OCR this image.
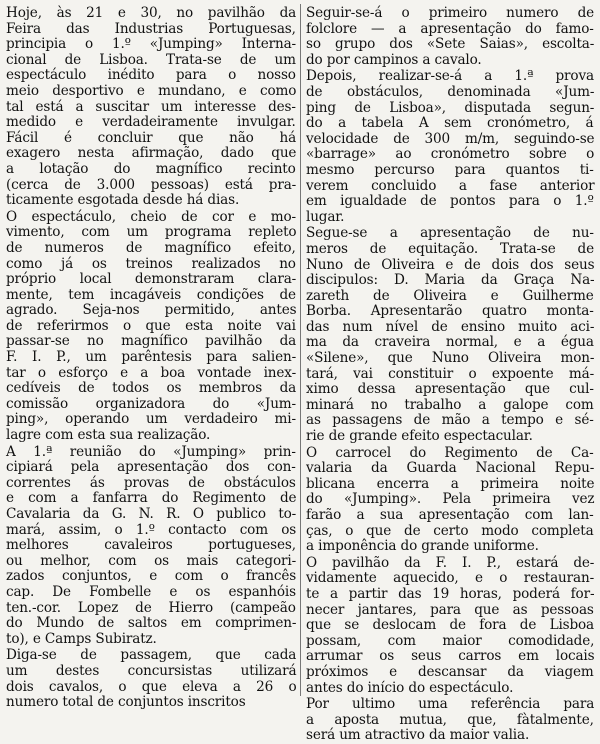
Hoje, às 21 e 30, no pavilhão da
Feira das Industrias Portuguesas,
principia o 1.º «Jumping» Interna-
cional de Lisboa. Trata-se de um
espectáculo inédito para o nosso
meio desportivo e mundano, e como
tal está a suscitar um interesse des-
medido e verdadeiramente invulgar.
Fácil é concluir que não há
exagero nesta afirmação, dado que
a lotação do magnífico recinto
(cerca de 3.000 pessoas) está pra-
ticamente esgotada desde há dias.

O espectáculo, cheio de cor e mo-
vimento, com um programa repleto
de numeros de magnífico efeito,
como já os treinos realizados no
próprio local demonstraram clara-
mente, tem incagáveis condições de
agrado. Seja-nos permitido, antes
de referirmos o que esta noite vai
passar-se no magnífico pavilhão da
F. I. P., um parêntesis para salien-
tar o esforço e a boa vontade inex-
cedíveis de todos os membros da
comissão organizadora do «Jum-
ping», operando um verdadeiro mi-
lagre com esta sua realização.

A 1.ª reunião do «Jumping» prin-
cipiará pela apresentação dos con-
correntes ás provas de obstáculos
e com a fanfarra do Regimento de
Cavalaria da G. N. R. O publico to-
mará, assim, o 1.º contacto com os
melhores cavaleiros portugueses,
ou melhor, com os mais categori-
zados conjuntos, e com o francês
cap. De Fombelle e os espanhóis
ten.-cor. Lopez de Hierro (campeão
do Mundo de saltos em comprimen-
to), e Camps Subiratz.

Diga-se de passagem, que cada
um destes concursistas utilizará
dois cavalos, o que eleva a 26 o
numero total de conjuntos inscritos

Seguir-se-á o primeiro numero de
folclore — a apresentação do famo-
so grupo dos «Sete Saias», escolta-
do por campinos a cavalo.

Depois, realizar-se-á a 1.ª prova
de obstáculos, denominada «Jum-
ping de Lisboa», disputada segun-
do a tabela A sem cronómetro, á
velocidade de 300 m/m, seguindo-se
«barrage» ao cronómetro sobre o
mesmo percurso para quantos ti-
verem concluido a fase anterior
em igualdade de pontos para o 1.º
lugar.

Segue-se a apresentação de nu-
meros de equitação. Trata-se de
Nuno de Oliveira e de dois dos seus
discipulos: D. Maria da Graça Na-
zareth de Oliveira e Guilherme
Borba. Apresentarão quatro monta-
das num nível de ensino muito aci-
ma da craveira normal, e a égua
«Silene», que Nuno Oliveira mon-
tará, vai constituir o expoente má-
ximo dessa apresentação que cul-
minará no trabalho a galope com
as passagens de mão a tempo e sé-
rie de grande efeito espectacular.

O carrocel do Regimento de Ca-
valaria da Guarda Nacional Repu-
blicana encerra a primeira noite
do «Jumping». Pela primeira vez
farão a sua apresentação com lan-
ças, o que de certo modo completa
a imponência do grande uniforme.

O pavilhão da F. I. P., estará de-
vidamente aquecido, e o restauran-
te a partir das 19 horas, poderá for-
necer jantares, para que as pessoas
que se deslocam de fora de Lisboa
possam, com maior comodidade,
arrumar os seus carros em locais
próximos e descansar da viagem
antes do início do espectáculo.

Por ultimo uma referência para
a aposta mutua, que, fàtalmente,
será um atractivo da maior valia.
